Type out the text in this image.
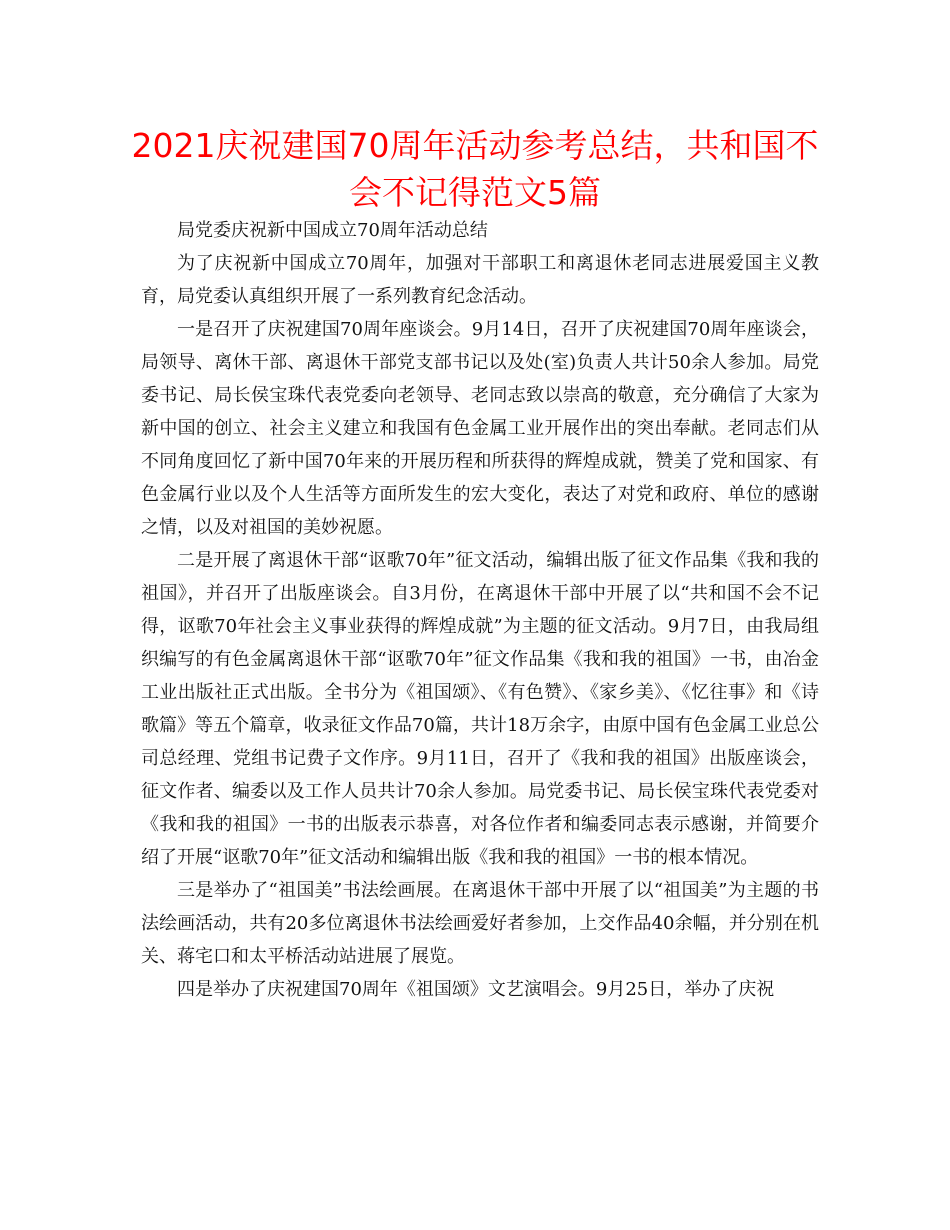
2021庆祝建国70周年活动参考总结，共和国不会不记得范文5篇

局党委庆祝新中国成立70周年活动总结

为了庆祝新中国成立70周年，加强对干部职工和离退休老同志进展爱国主义教育，局党委认真组织开展了一系列教育纪念活动。

一是召开了庆祝建国70周年座谈会。9月14日，召开了庆祝建国70周年座谈会，局领导、离休干部、离退休干部党支部书记以及处(室)负责人共计50余人参加。局党委书记、局长侯宝珠代表党委向老领导、老同志致以崇高的敬意，充分确信了大家为新中国的创立、社会主义建立和我国有色金属工业开展作出的突出奉献。老同志们从不同角度回忆了新中国70年来的开展历程和所获得的辉煌成就，赞美了党和国家、有色金属行业以及个人生活等方面所发生的宏大变化，表达了对党和政府、单位的感谢之情，以及对祖国的美妙祝愿。

二是开展了离退休干部“讴歌70年”征文活动，编辑出版了征文作品集《我和我的祖国》，并召开了出版座谈会。自3月份，在离退休干部中开展了以“共和国不会不记得，讴歌70年社会主义事业获得的辉煌成就”为主题的征文活动。9月7日，由我局组织编写的有色金属离退休干部“讴歌70年”征文作品集《我和我的祖国》一书，由冶金工业出版社正式出版。全书分为《祖国颂》、《有色赞》、《家乡美》、《忆往事》和《诗歌篇》等五个篇章，收录征文作品70篇，共计18万余字，由原中国有色金属工业总公司总经理、党组书记费子文作序。9月11日，召开了《我和我的祖国》出版座谈会，征文作者、编委以及工作人员共计70余人参加。局党委书记、局长侯宝珠代表党委对《我和我的祖国》一书的出版表示恭喜，对各位作者和编委同志表示感谢，并简要介绍了开展“讴歌70年”征文活动和编辑出版《我和我的祖国》一书的根本情况。

三是举办了“祖国美”书法绘画展。在离退休干部中开展了以“祖国美”为主题的书法绘画活动，共有20多位离退休书法绘画爱好者参加，上交作品40余幅，并分别在机关、蒋宅口和太平桥活动站进展了展览。

四是举办了庆祝建国70周年《祖国颂》文艺演唱会。9月25日，举办了庆祝
